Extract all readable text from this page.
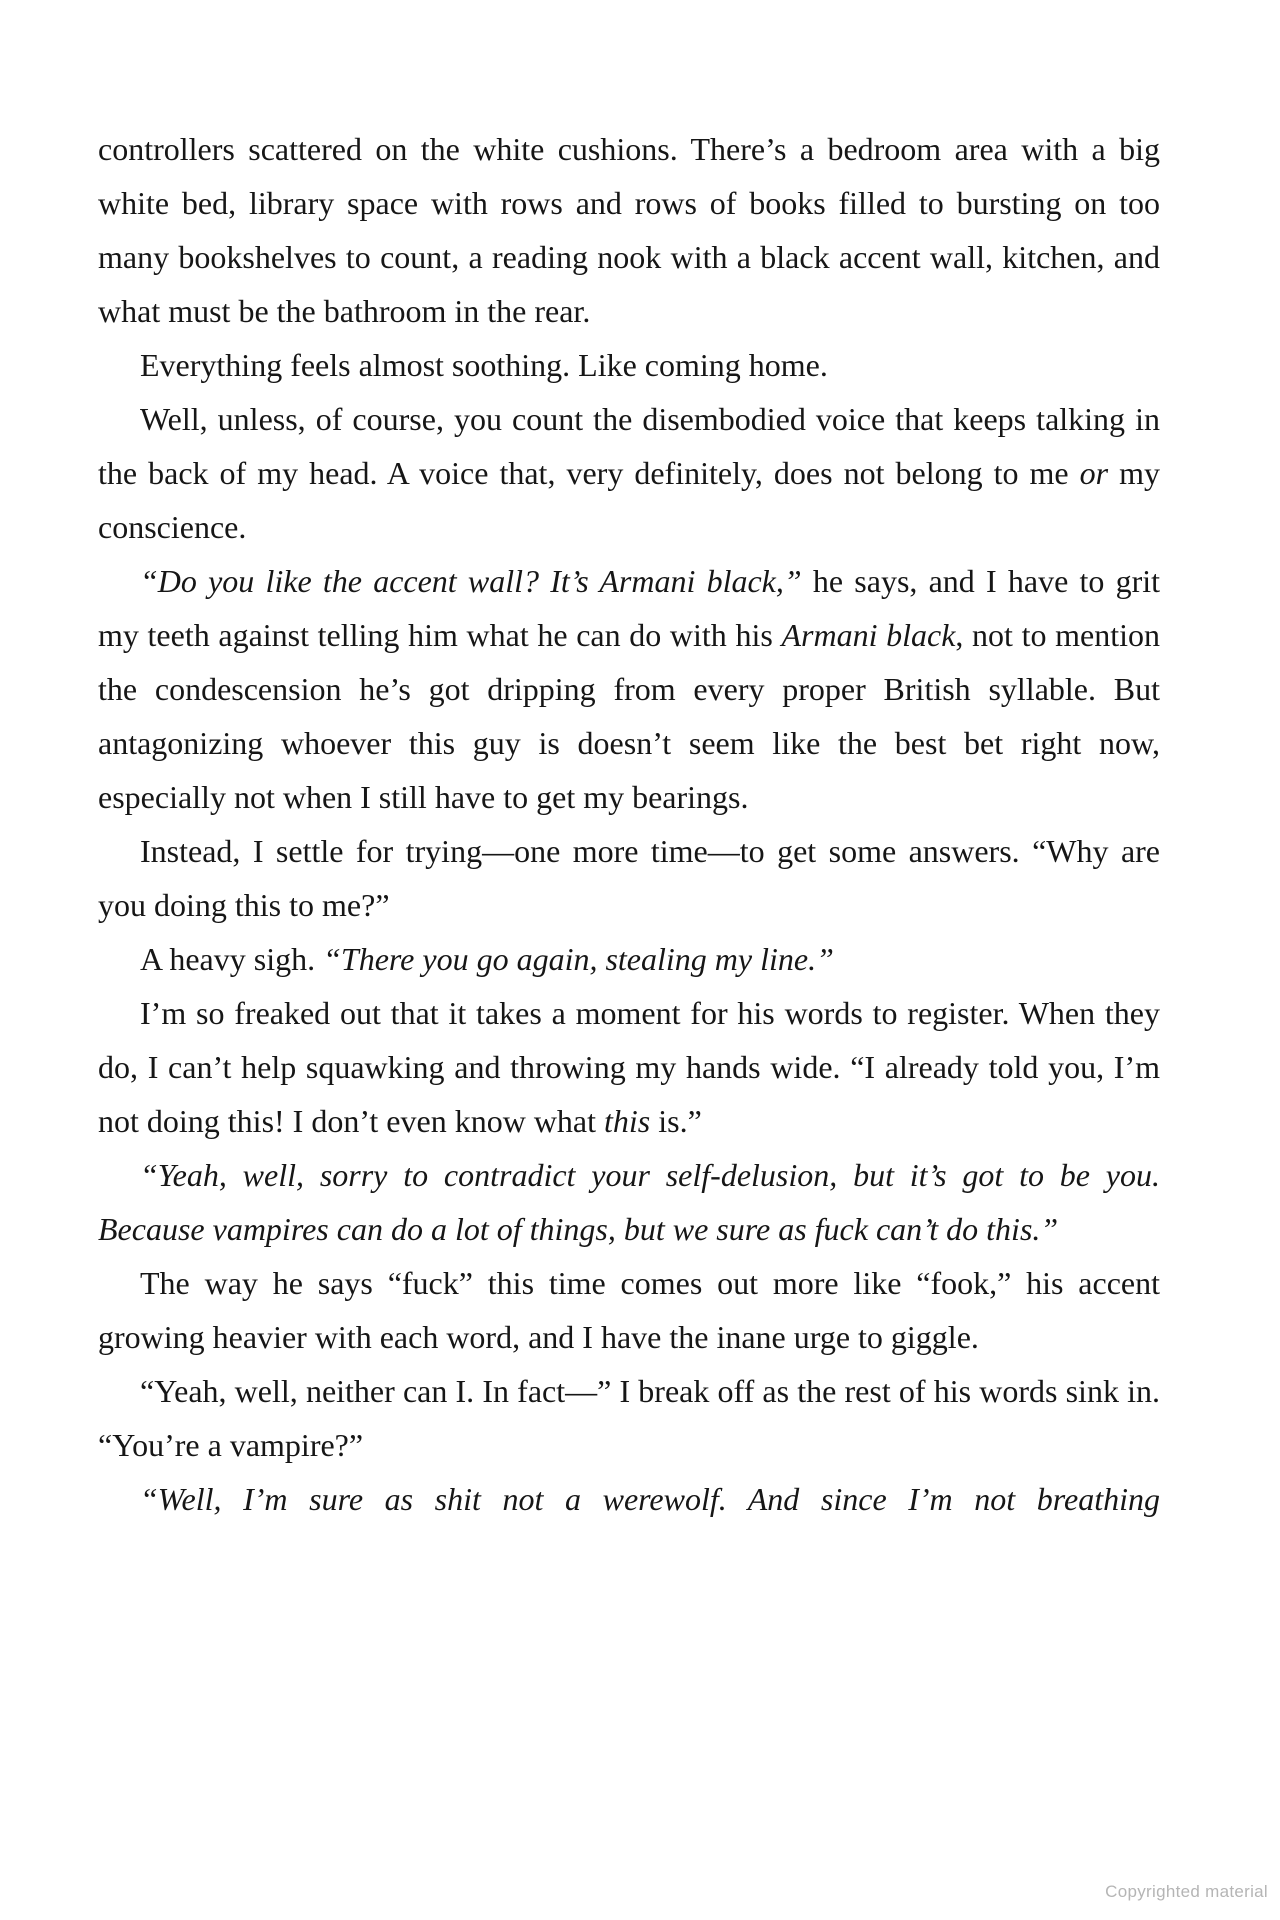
controllers scattered on the white cushions. There’s a bedroom area with a big white bed, library space with rows and rows of books filled to bursting on too many bookshelves to count, a reading nook with a black accent wall, kitchen, and what must be the bathroom in the rear.

Everything feels almost soothing. Like coming home.

Well, unless, of course, you count the disembodied voice that keeps talking in the back of my head. A voice that, very definitely, does not belong to me or my conscience.

“Do you like the accent wall? It’s Armani black,” he says, and I have to grit my teeth against telling him what he can do with his Armani black, not to mention the condescension he’s got dripping from every proper British syllable. But antagonizing whoever this guy is doesn’t seem like the best bet right now, especially not when I still have to get my bearings.

Instead, I settle for trying—one more time—to get some answers. “Why are you doing this to me?”

A heavy sigh. “There you go again, stealing my line.”

I’m so freaked out that it takes a moment for his words to register. When they do, I can’t help squawking and throwing my hands wide. “I already told you, I’m not doing this! I don’t even know what this is.”

“Yeah, well, sorry to contradict your self-delusion, but it’s got to be you. Because vampires can do a lot of things, but we sure as fuck can’t do this.”

The way he says “fuck” this time comes out more like “fook,” his accent growing heavier with each word, and I have the inane urge to giggle.

“Yeah, well, neither can I. In fact—” I break off as the rest of his words sink in. “You’re a vampire?”

“Well, I’m sure as shit not a werewolf. And since I’m not breathing

Copyrighted material
